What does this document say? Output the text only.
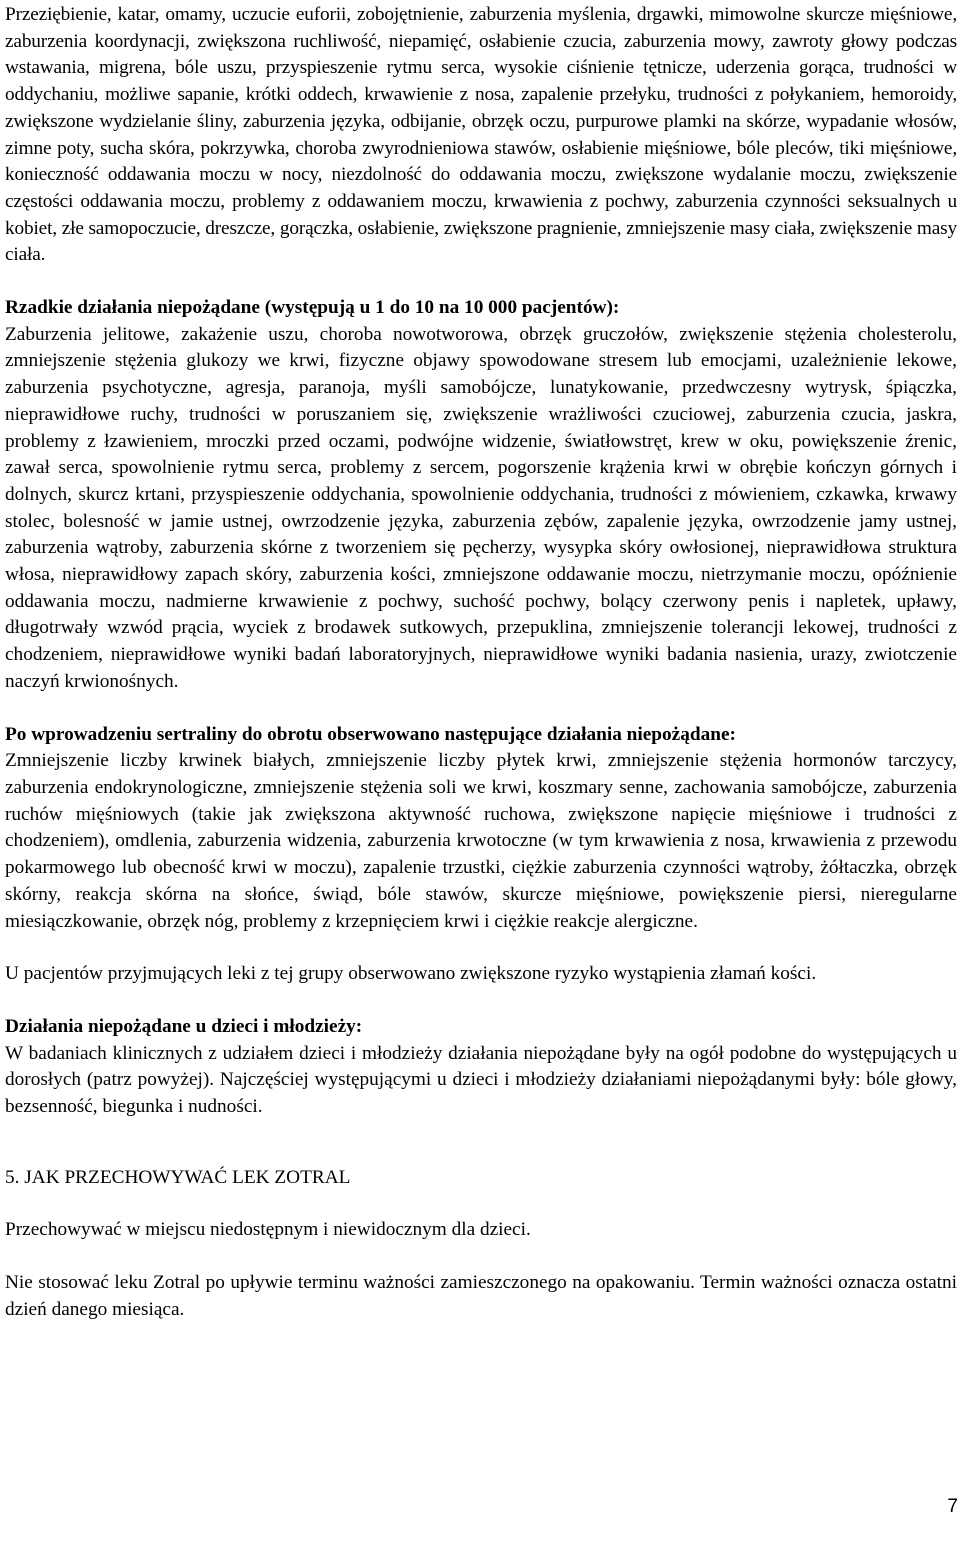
Przeziębienie, katar, omamy, uczucie euforii, zobojętnienie, zaburzenia myślenia, drgawki, mimowolne skurcze mięśniowe, zaburzenia koordynacji, zwiększona ruchliwość, niepamięć, osłabienie czucia, zaburzenia mowy, zawroty głowy podczas wstawania, migrena, bóle uszu, przyspieszenie rytmu serca, wysokie ciśnienie tętnicze, uderzenia gorąca, trudności w oddychaniu, możliwe sapanie, krótki oddech, krwawienie z nosa, zapalenie przełyku, trudności z połykaniem, hemoroidy, zwiększone wydzielanie śliny, zaburzenia języka, odbijanie, obrzęk oczu, purpurowe plamki na skórze, wypadanie włosów, zimne poty, sucha skóra, pokrzywka, choroba zwyrodnieniowa stawów, osłabienie mięśniowe, bóle pleców, tiki mięśniowe, konieczność oddawania moczu w nocy, niezdolność do oddawania moczu, zwiększone wydalanie moczu, zwiększenie częstości oddawania moczu, problemy z oddawaniem moczu, krwawienia z pochwy, zaburzenia czynności seksualnych u kobiet, złe samopoczucie, dreszcze, gorączka, osłabienie, zwiększone pragnienie, zmniejszenie masy ciała, zwiększenie masy ciała.

Rzadkie działania niepożądane (występują u 1 do 10 na 10 000 pacjentów):
Zaburzenia jelitowe, zakażenie uszu, choroba nowotworowa, obrzęk gruczołów, zwiększenie stężenia cholesterolu, zmniejszenie stężenia glukozy we krwi, fizyczne objawy spowodowane stresem lub emocjami, uzależnienie lekowe, zaburzenia psychotyczne, agresja, paranoja, myśli samobójcze, lunatykowanie, przedwczesny wytrysk, śpiączka, nieprawidłowe ruchy, trudności w poruszaniem się, zwiększenie wrażliwości czuciowej, zaburzenia czucia, jaskra, problemy z łzawieniem, mroczki przed oczami, podwójne widzenie, światłowstręt, krew w oku, powiększenie źrenic, zawał serca, spowolnienie rytmu serca, problemy z sercem, pogorszenie krążenia krwi w obrębie kończyn górnych i dolnych, skurcz krtani, przyspieszenie oddychania, spowolnienie oddychania, trudności z mówieniem, czkawka, krwawy stolec, bolesność w jamie ustnej, owrzodzenie języka, zaburzenia zębów, zapalenie języka, owrzodzenie jamy ustnej, zaburzenia wątroby, zaburzenia skórne z tworzeniem się pęcherzy, wysypka skóry owłosionej, nieprawidłowa struktura włosa, nieprawidłowy zapach skóry, zaburzenia kości, zmniejszone oddawanie moczu, nietrzymanie moczu, opóźnienie oddawania moczu, nadmierne krwawienie z pochwy, suchość pochwy, bolący czerwony penis i napletek, upławy, długotrwały wzwód prącia, wyciek z brodawek sutkowych, przepuklina, zmniejszenie tolerancji lekowej, trudności z chodzeniem, nieprawidłowe wyniki badań laboratoryjnych, nieprawidłowe wyniki badania nasienia, urazy, zwiotczenie naczyń krwionośnych.

Po wprowadzeniu sertraliny do obrotu obserwowano następujące działania niepożądane:
Zmniejszenie liczby krwinek białych, zmniejszenie liczby płytek krwi, zmniejszenie stężenia hormonów tarczycy, zaburzenia endokrynologiczne, zmniejszenie stężenia soli we krwi, koszmary senne, zachowania samobójcze, zaburzenia ruchów mięśniowych (takie jak zwiększona aktywność ruchowa, zwiększone napięcie mięśniowe i trudności z chodzeniem), omdlenia, zaburzenia widzenia, zaburzenia krwotoczne (w tym krwawienia z nosa, krwawienia z przewodu pokarmowego lub obecność krwi w moczu), zapalenie trzustki, ciężkie zaburzenia czynności wątroby, żółtaczka, obrzęk skórny, reakcja skórna na słońce, świąd, bóle stawów, skurcze mięśniowe, powiększenie piersi, nieregularne miesiączkowanie, obrzęk nóg, problemy z krzepnięciem krwi i ciężkie reakcje alergiczne.

U pacjentów przyjmujących leki z tej grupy obserwowano zwiększone ryzyko wystąpienia złamań kości.

Działania niepożądane u dzieci i młodzieży:
W badaniach klinicznych z udziałem dzieci i młodzieży działania niepożądane były na ogół podobne do występujących u dorosłych (patrz powyżej). Najczęściej występującymi u dzieci i młodzieży działaniami niepożądanymi były: bóle głowy, bezsenność, biegunka i nudności.

5. JAK PRZECHOWYWAĆ LEK ZOTRAL

Przechowywać w miejscu niedostępnym i niewidocznym dla dzieci.

Nie stosować leku Zotral po upływie terminu ważności zamieszczonego na opakowaniu. Termin ważności oznacza ostatni dzień danego miesiąca.

7
